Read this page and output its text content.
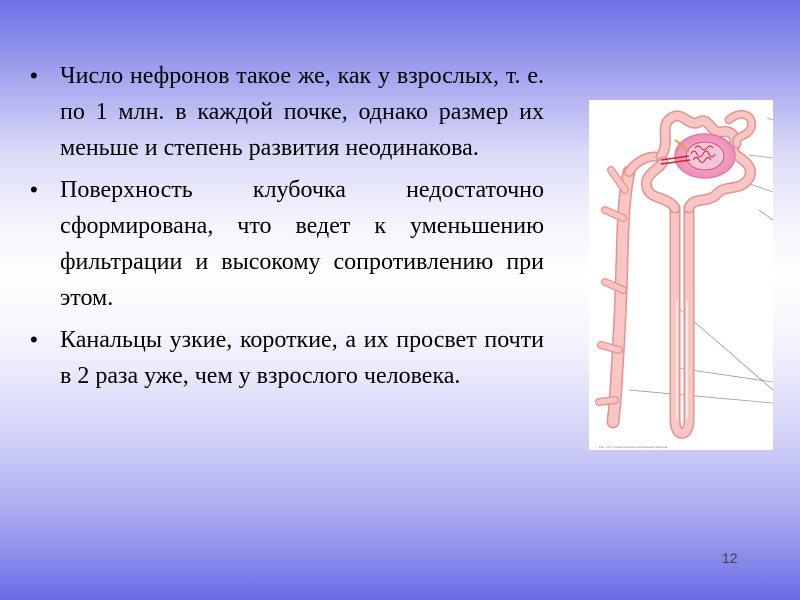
• Число нефронов такое же, как у взрослых, т. е. по 1 млн. в каждой почке, однако размер их меньше и степень развития неодинакова.
• Поверхность клубочка недостаточно сформирована, что ведет к уменьшению фильтрации и высокому сопротивлению при этом.
• Канальцы узкие, короткие, а их просвет почти в 2 раза уже, чем у взрослого человека.
Рис. 14.5. Схематическое изображение нефрона
12
